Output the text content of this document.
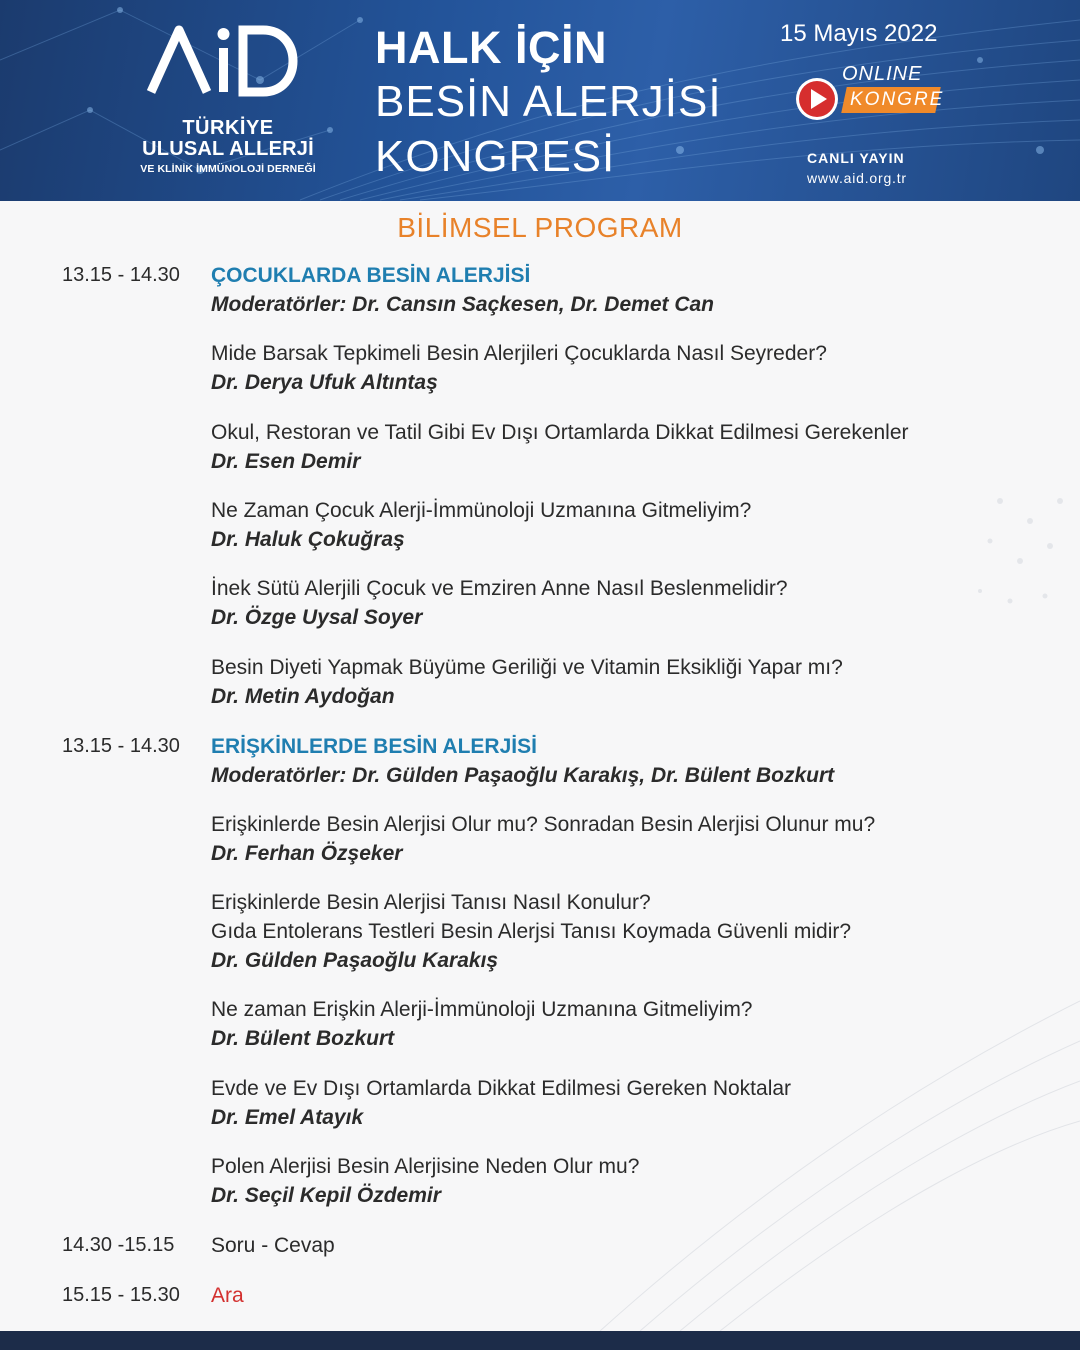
TÜRKİYE
ULUSAL ALLERJİ
VE KLİNİK İMMÜNOLOJİ DERNEĞİ
HALK İÇİN
BESİN ALERJİSİ
KONGRESİ
15 Mayıs 2022
ONLINE
KONGRE
CANLI YAYIN
www.aid.org.tr
BİLİMSEL PROGRAM
13.15 - 14.30 ÇOCUKLARDA BESİN ALERJİSİ
Moderatörler: Dr. Cansın Saçkesen, Dr. Demet Can
Mide Barsak Tepkimeli Besin Alerjileri Çocuklarda Nasıl Seyreder?
Dr. Derya Ufuk Altıntaş
Okul, Restoran ve Tatil Gibi Ev Dışı Ortamlarda Dikkat Edilmesi Gerekenler
Dr. Esen Demir
Ne Zaman Çocuk Alerji-İmmünoloji Uzmanına Gitmeliyim?
Dr. Haluk Çokuğraş
İnek Sütü Alerjili Çocuk ve Emziren Anne Nasıl Beslenmelidir?
Dr. Özge Uysal Soyer
Besin Diyeti Yapmak Büyüme Geriliği ve Vitamin Eksikliği Yapar mı?
Dr. Metin Aydoğan
13.15 - 14.30 ERİŞKİNLERDE BESİN ALERJİSİ
Moderatörler: Dr. Gülden Paşaoğlu Karakış, Dr. Bülent Bozkurt
Erişkinlerde Besin Alerjisi Olur mu? Sonradan Besin Alerjisi Olunur mu?
Dr. Ferhan Özşeker
Erişkinlerde Besin Alerjisi Tanısı Nasıl Konulur?
Gıda Entolerans Testleri Besin Alerjsi Tanısı Koymada Güvenli midir?
Dr. Gülden Paşaoğlu Karakış
Ne zaman Erişkin Alerji-İmmünoloji Uzmanına Gitmeliyim?
Dr. Bülent Bozkurt
Evde ve Ev Dışı Ortamlarda Dikkat Edilmesi Gereken Noktalar
Dr. Emel Atayık
Polen Alerjisi Besin Alerjisine Neden Olur mu?
Dr. Seçil Kepil Özdemir
14.30 -15.15 Soru - Cevap
15.15 - 15.30 Ara
